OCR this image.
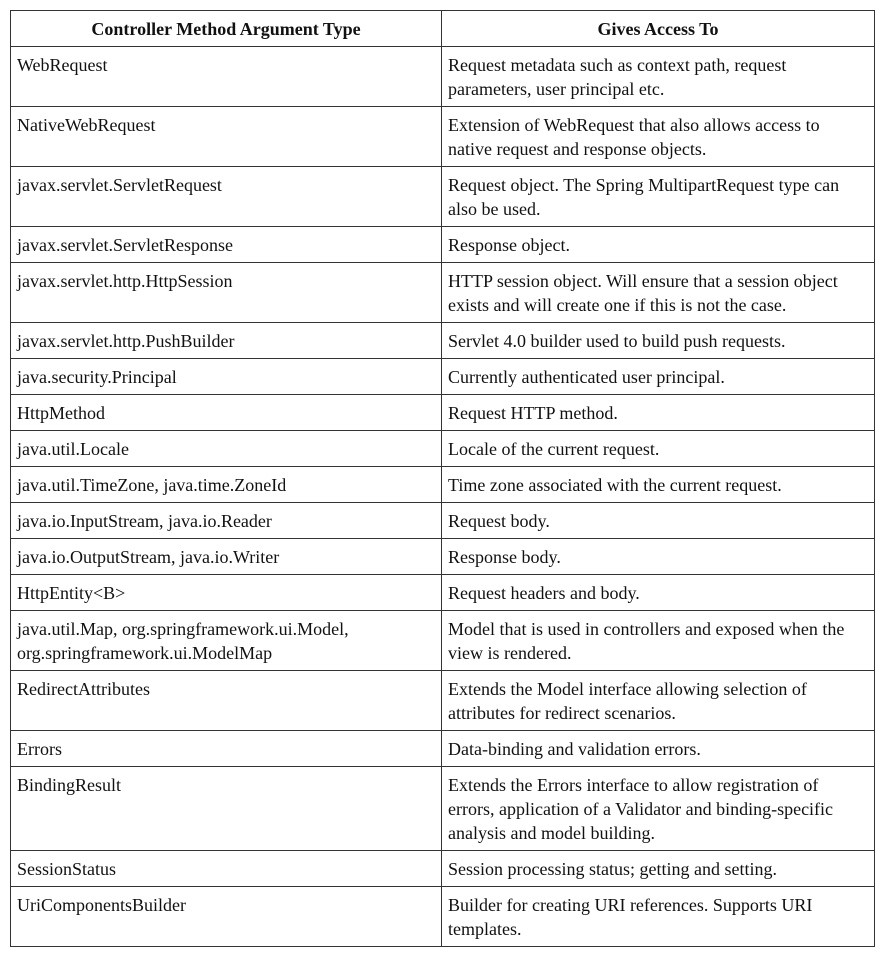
Controller Method Argument Type	Gives Access To
WebRequest	Request metadata such as context path, request parameters, user principal etc.
NativeWebRequest	Extension of WebRequest that also allows access to native request and response objects.
javax.servlet.ServletRequest	Request object. The Spring MultipartRequest type can also be used.
javax.servlet.ServletResponse	Response object.
javax.servlet.http.HttpSession	HTTP session object. Will ensure that a session object exists and will create one if this is not the case.
javax.servlet.http.PushBuilder	Servlet 4.0 builder used to build push requests.
java.security.Principal	Currently authenticated user principal.
HttpMethod	Request HTTP method.
java.util.Locale	Locale of the current request.
java.util.TimeZone, java.time.ZoneId	Time zone associated with the current request.
java.io.InputStream, java.io.Reader	Request body.
java.io.OutputStream, java.io.Writer	Response body.
HttpEntity<B>	Request headers and body.
java.util.Map, org.springframework.ui.Model, org.springframework.ui.ModelMap	Model that is used in controllers and exposed when the view is rendered.
RedirectAttributes	Extends the Model interface allowing selection of attributes for redirect scenarios.
Errors	Data-binding and validation errors.
BindingResult	Extends the Errors interface to allow registration of errors, application of a Validator and binding-specific analysis and model building.
SessionStatus	Session processing status; getting and setting.
UriComponentsBuilder	Builder for creating URI references. Supports URI templates.
